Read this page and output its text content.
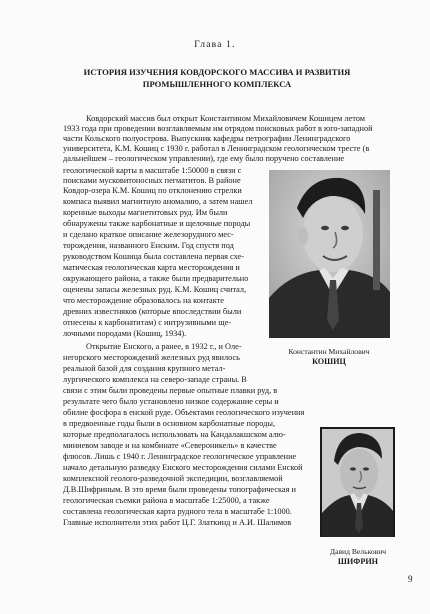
Глава 1.
ИСТОРИЯ ИЗУЧЕНИЯ КОВДОРСКОГО МАССИВА И РАЗВИТИЯ
ПРОМЫШЛЕННОГО КОМПЛЕКСА
Ковдорский массив был открыт Константином Михайловичем Кошицем летом
1933 года при проведении возглавляемым им отрядом поисковых работ в юго-западной
части Кольского полуострова. Выпускник кафедры петрографии Ленинградского
университета, К.М. Кошиц с 1930 г. работал в Ленинградском геологическом тресте (в
дальнейшем – геологическом управлении), где ему было поручено составление
геологической карты в масштабе 1:50000 в связи с
поисками мусковитоносных пегматитов. В районе
Ковдор-озера К.М. Кошиц по отклонению стрелки
компаса выявил магнитную аномалию, а затем нашел
коренные выходы магнетитовых руд. Им были
обнаружены также карбонатные и щелочные породы
и сделано краткое описание железорудного мес-
торождения, названного Енским. Год спустя под
руководством Кошица была составлена первая схе-
матическая геологическая карта месторождения и
окружающего района, а также были предварительно
оценены запасы железных руд. К.М. Кошиц считал,
что месторождение образовалось на контакте
древних известняков (которые впоследствии были
отнесены к карбонатитам) с интрузивными ще-
лочными породами (Кошиц, 1934).
Открытие Енского, а ранее, в 1932 г., и Оле-
негорского месторождений железных руд явилось
реальной базой для создания крупного метал-
лургического комплекса на северо-западе страны. В
связи с этим были проведены первые опытные плавки руд, в
результате чего было установлено низкое содержание серы и
обилие фосфора в енской руде. Объектами геологического изучения
в предвоенные годы были в основном карбонатные породы,
которые предполагалось использовать на Кандалакшском алю-
миниевом заводе и на комбинате «Североникель» в качестве
флюсов. Лишь с 1940 г. Ленинградское геологическое управление
начало детальную разведку Енского месторождения силами Енской
комплексной геолого-разведочной экспедиции, возглавляемой
Д.В.Шифриным. В это время были проведены топографическая и
геологическая съемки района в масштабе 1:25000, а также
составлена геологическая карта рудного тела в масштабе 1:1000.
Главные исполнители этих работ Ц.Г. Златкинд и А.И. Шалимов
Константин Михайлович
КОШИЦ
Давид Велькович
ШИФРИН
9
